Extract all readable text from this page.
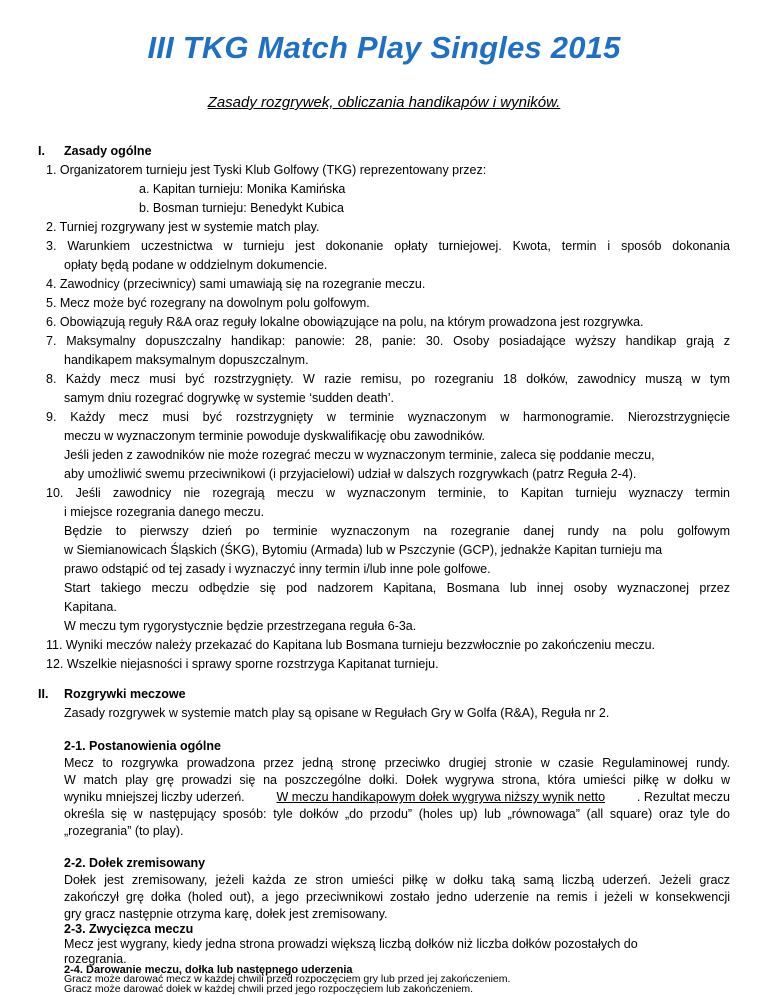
III TKG Match Play Singles 2015
Zasady rozgrywek, obliczania handikapów i wyników.
I. Zasady ogólne
1. Organizatorem turnieju jest Tyski Klub Golfowy (TKG) reprezentowany przez:
a. Kapitan turnieju: Monika Kamińska
b. Bosman turnieju: Benedykt Kubica
2. Turniej rozgrywany jest w systemie match play.
3. Warunkiem uczestnictwa w turnieju jest dokonanie opłaty turniejowej. Kwota, termin i sposób dokonania
opłaty będą podane w oddzielnym dokumencie.
4. Zawodnicy (przeciwnicy) sami umawiają się na rozegranie meczu.
5. Mecz może być rozegrany na dowolnym polu golfowym.
6. Obowiązują reguły R&A oraz reguły lokalne obowiązujące na polu, na którym prowadzona jest rozgrywka.
7. Maksymalny dopuszczalny handikap: panowie: 28, panie: 30. Osoby posiadające wyższy handikap grają z
handikapem maksymalnym dopuszczalnym.
8. Każdy mecz musi być rozstrzygnięty. W razie remisu, po rozegraniu 18 dołków, zawodnicy muszą w tym
samym dniu rozegrać dogrywkę w systemie ‘sudden death’.
9. Każdy mecz musi być rozstrzygnięty w terminie wyznaczonym w harmonogramie. Nierozstrzygnięcie
meczu w wyznaczonym terminie powoduje dyskwalifikację obu zawodników.
Jeśli jeden z zawodników nie może rozegrać meczu w wyznaczonym terminie, zaleca się poddanie meczu,
aby umożliwić swemu przeciwnikowi (i przyjacielowi) udział w dalszych rozgrywkach (patrz Reguła 2-4).
10. Jeśli zawodnicy nie rozegrają meczu w wyznaczonym terminie, to Kapitan turnieju wyznaczy termin
i miejsce rozegrania danego meczu.
Będzie to pierwszy dzień po terminie wyznaczonym na rozegranie danej rundy na polu golfowym
w Siemianowicach Śląskich (ŚKG), Bytomiu (Armada) lub w Pszczynie (GCP), jednakże Kapitan turnieju ma
prawo odstąpić od tej zasady i wyznaczyć inny termin i/lub inne pole golfowe.
Start takiego meczu odbędzie się pod nadzorem Kapitana, Bosmana lub innej osoby wyznaczonej przez
Kapitana.
W meczu tym rygorystycznie będzie przestrzegana reguła 6-3a.
11. Wyniki meczów należy przekazać do Kapitana lub Bosmana turnieju bezzwłocznie po zakończeniu meczu.
12. Wszelkie niejasności i sprawy sporne rozstrzyga Kapitanat turnieju.
II. Rozgrywki meczowe
Zasady rozgrywek w systemie match play są opisane w Regułach Gry w Golfa (R&A), Reguła nr 2.
2-1. Postanowienia ogólne
Mecz to rozgrywka prowadzona przez jedną stronę przeciwko drugiej stronie w czasie Regulaminowej rundy.
W match play grę prowadzi się na poszczególne dołki. Dołek wygrywa strona, która umieści piłkę w dołku w
wyniku mniejszej liczby uderzeń.	W meczu handikapowym dołek wygrywa niższy wynik netto	. Rezultat meczu
określa się w następujący sposób: tyle dołków „do przodu” (holes up) lub „równowaga” (all square) oraz tyle do
„rozegrania” (to play).
2-2. Dołek zremisowany
Dołek jest zremisowany, jeżeli każda ze stron umieści piłkę w dołku taką samą liczbą uderzeń. Jeżeli gracz
zakończył grę dołka (holed out), a jego przeciwnikowi zostało jedno uderzenie na remis i jeżeli w konsekwencji
gry gracz następnie otrzyma karę, dołek jest zremisowany.
2-3. Zwycięzca meczu
Mecz jest wygrany, kiedy jedna strona prowadzi większą liczbą dołków niż liczba dołków pozostałych do
rozegrania.
2-4. Darowanie meczu, dołka lub następnego uderzenia
Gracz może darować mecz w każdej chwili przed rozpoczęciem gry lub przed jej zakończeniem.
Gracz może darować dołek w każdej chwili przed jego rozpoczęciem lub zakończeniem.
